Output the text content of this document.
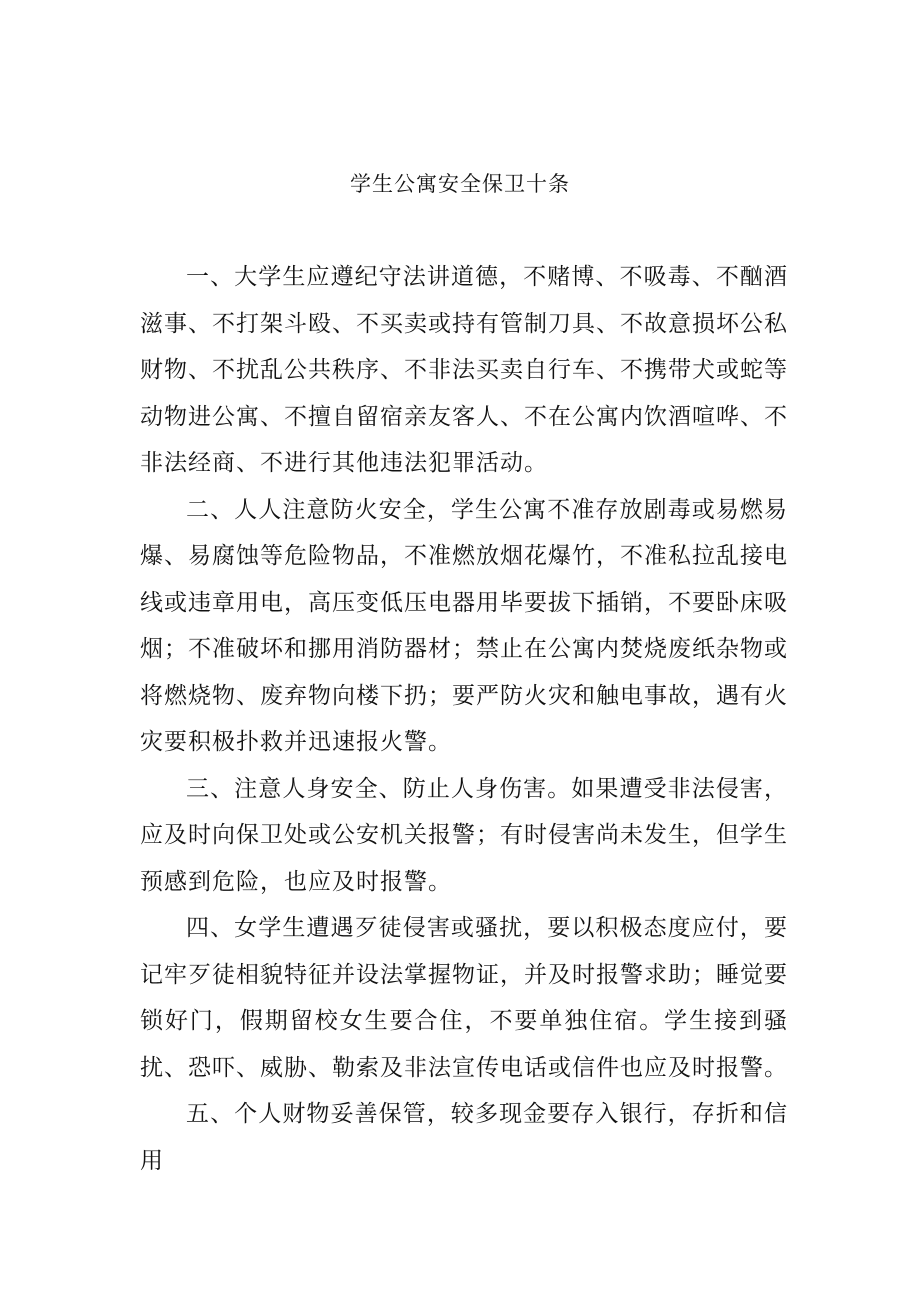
学生公寓安全保卫十条

一、大学生应遵纪守法讲道德，不赌博、不吸毒、不酗酒滋事、不打架斗殴、不买卖或持有管制刀具、不故意损坏公私财物、不扰乱公共秩序、不非法买卖自行车、不携带犬或蛇等动物进公寓、不擅自留宿亲友客人、不在公寓内饮酒喧哗、不非法经商、不进行其他违法犯罪活动。

二、人人注意防火安全，学生公寓不准存放剧毒或易燃易爆、易腐蚀等危险物品，不准燃放烟花爆竹，不准私拉乱接电线或违章用电，高压变低压电器用毕要拔下插销，不要卧床吸烟；不准破坏和挪用消防器材；禁止在公寓内焚烧废纸杂物或将燃烧物、废弃物向楼下扔；要严防火灾和触电事故，遇有火灾要积极扑救并迅速报火警。

三、注意人身安全、防止人身伤害。如果遭受非法侵害，应及时向保卫处或公安机关报警；有时侵害尚未发生，但学生预感到危险，也应及时报警。

四、女学生遭遇歹徒侵害或骚扰，要以积极态度应付，要记牢歹徒相貌特征并设法掌握物证，并及时报警求助；睡觉要锁好门，假期留校女生要合住，不要单独住宿。学生接到骚扰、恐吓、威胁、勒索及非法宣传电话或信件也应及时报警。

五、个人财物妥善保管，较多现金要存入银行，存折和信用
